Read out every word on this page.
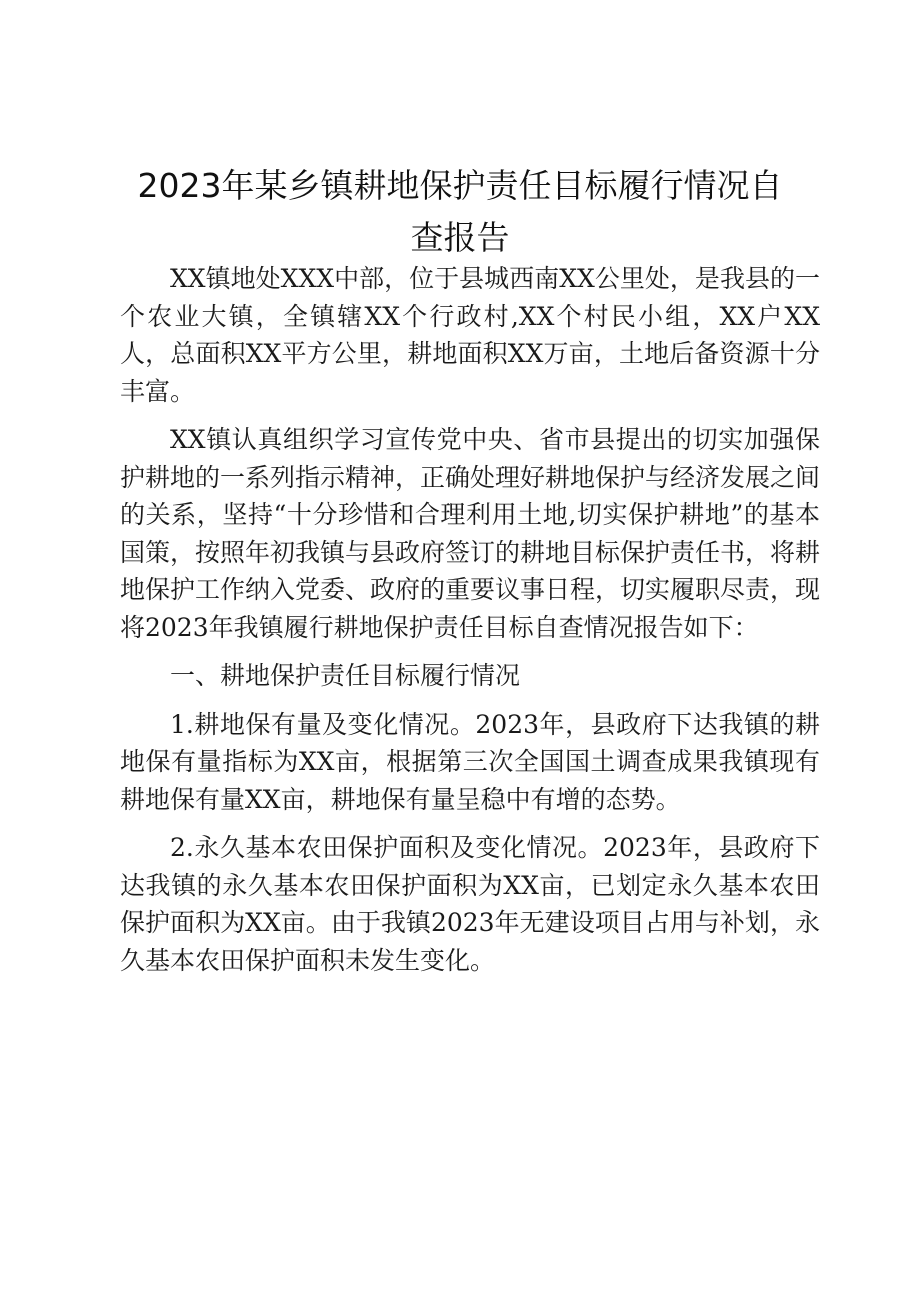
2023年某乡镇耕地保护责任目标履行情况自
查报告

XX镇地处XXX中部，位于县城西南XX公里处，是我县的一个农业大镇，全镇辖XX个行政村,XX个村民小组，XX户XX人，总面积XX平方公里，耕地面积XX万亩，土地后备资源十分丰富。

XX镇认真组织学习宣传党中央、省市县提出的切实加强保护耕地的一系列指示精神，正确处理好耕地保护与经济发展之间的关系，坚持“十分珍惜和合理利用土地,切实保护耕地”的基本国策，按照年初我镇与县政府签订的耕地目标保护责任书，将耕地保护工作纳入党委、政府的重要议事日程，切实履职尽责，现将2023年我镇履行耕地保护责任目标自查情况报告如下：

一、耕地保护责任目标履行情况

1.耕地保有量及变化情况。2023年，县政府下达我镇的耕地保有量指标为XX亩，根据第三次全国国土调查成果我镇现有耕地保有量XX亩，耕地保有量呈稳中有增的态势。

2.永久基本农田保护面积及变化情况。2023年，县政府下达我镇的永久基本农田保护面积为XX亩，已划定永久基本农田保护面积为XX亩。由于我镇2023年无建设项目占用与补划，永久基本农田保护面积未发生变化。
